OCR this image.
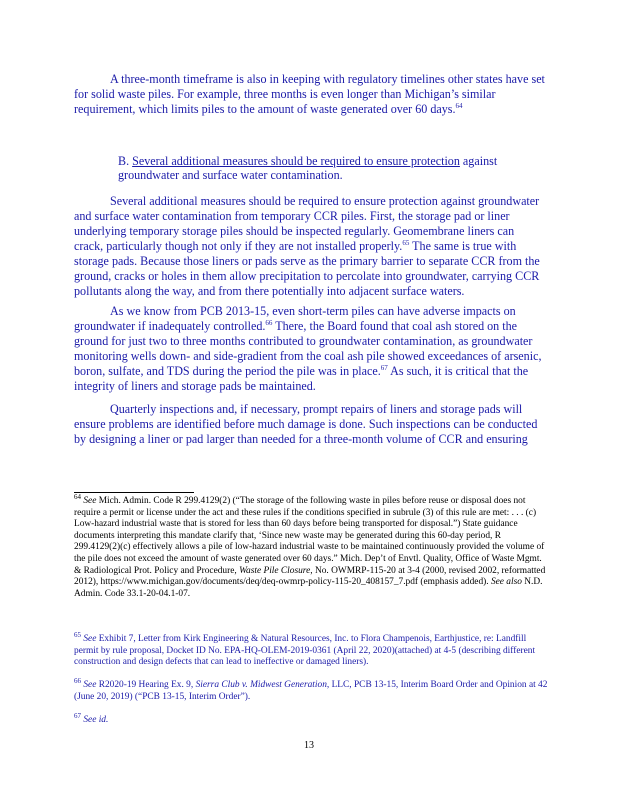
A three-month timeframe is also in keeping with regulatory timelines other states have set for solid waste piles. For example, three months is even longer than Michigan’s similar requirement, which limits piles to the amount of waste generated over 60 days.$^{64}$
B. Several additional measures should be required to ensure protection against groundwater and surface water contamination.
Several additional measures should be required to ensure protection against groundwater and surface water contamination from temporary CCR piles. First, the storage pad or liner underlying temporary storage piles should be inspected regularly. Geomembrane liners can crack, particularly though not only if they are not installed properly.$^{65}$ The same is true with storage pads. Because those liners or pads serve as the primary barrier to separate CCR from the ground, cracks or holes in them allow precipitation to percolate into groundwater, carrying CCR pollutants along the way, and from there potentially into adjacent surface waters.
As we know from PCB 2013-15, even short-term piles can have adverse impacts on groundwater if inadequately controlled.$^{66}$ There, the Board found that coal ash stored on the ground for just two to three months contributed to groundwater contamination, as groundwater monitoring wells down- and side-gradient from the coal ash pile showed exceedances of arsenic, boron, sulfate, and TDS during the period the pile was in place.$^{67}$ As such, it is critical that the integrity of liners and storage pads be maintained.
Quarterly inspections and, if necessary, prompt repairs of liners and storage pads will ensure problems are identified before much damage is done. Such inspections can be conducted by designing a liner or pad larger than needed for a three-month volume of CCR and ensuring
$^{64}$ See Mich. Admin. Code R 299.4129(2) (“The storage of the following waste in piles before reuse or disposal does not require a permit or license under the act and these rules if the conditions specified in subrule (3) of this rule are met: . . . (c) Low-hazard industrial waste that is stored for less than 60 days before being transported for disposal.”) State guidance documents interpreting this mandate clarify that, ‘Since new waste may be generated during this 60-day period, R 299.4129(2)(c) effectively allows a pile of low-hazard industrial waste to be maintained continuously provided the volume of the pile does not exceed the amount of waste generated over 60 days.” Mich. Dep’t of Envtl. Quality, Office of Waste Mgmt. & Radiological Prot. Policy and Procedure, Waste Pile Closure, No. OWMRP-115-20 at 3-4 (2000, revised 2002, reformatted 2012), https://www.michigan.gov/documents/deq/deq-owmrp-policy-115-20_408157_7.pdf (emphasis added). See also N.D. Admin. Code 33.1-20-04.1-07.
$^{65}$ See Exhibit 7, Letter from Kirk Engineering & Natural Resources, Inc. to Flora Champenois, Earthjustice, re: Landfill permit by rule proposal, Docket ID No. EPA-HQ-OLEM-2019-0361 (April 22, 2020)(attached) at 4-5 (describing different construction and design defects that can lead to ineffective or damaged liners).
$^{66}$ See R2020-19 Hearing Ex. 9, Sierra Club v. Midwest Generation, LLC, PCB 13-15, Interim Board Order and Opinion at 42 (June 20, 2019) (“PCB 13-15, Interim Order”).
$^{67}$ See id.
13
